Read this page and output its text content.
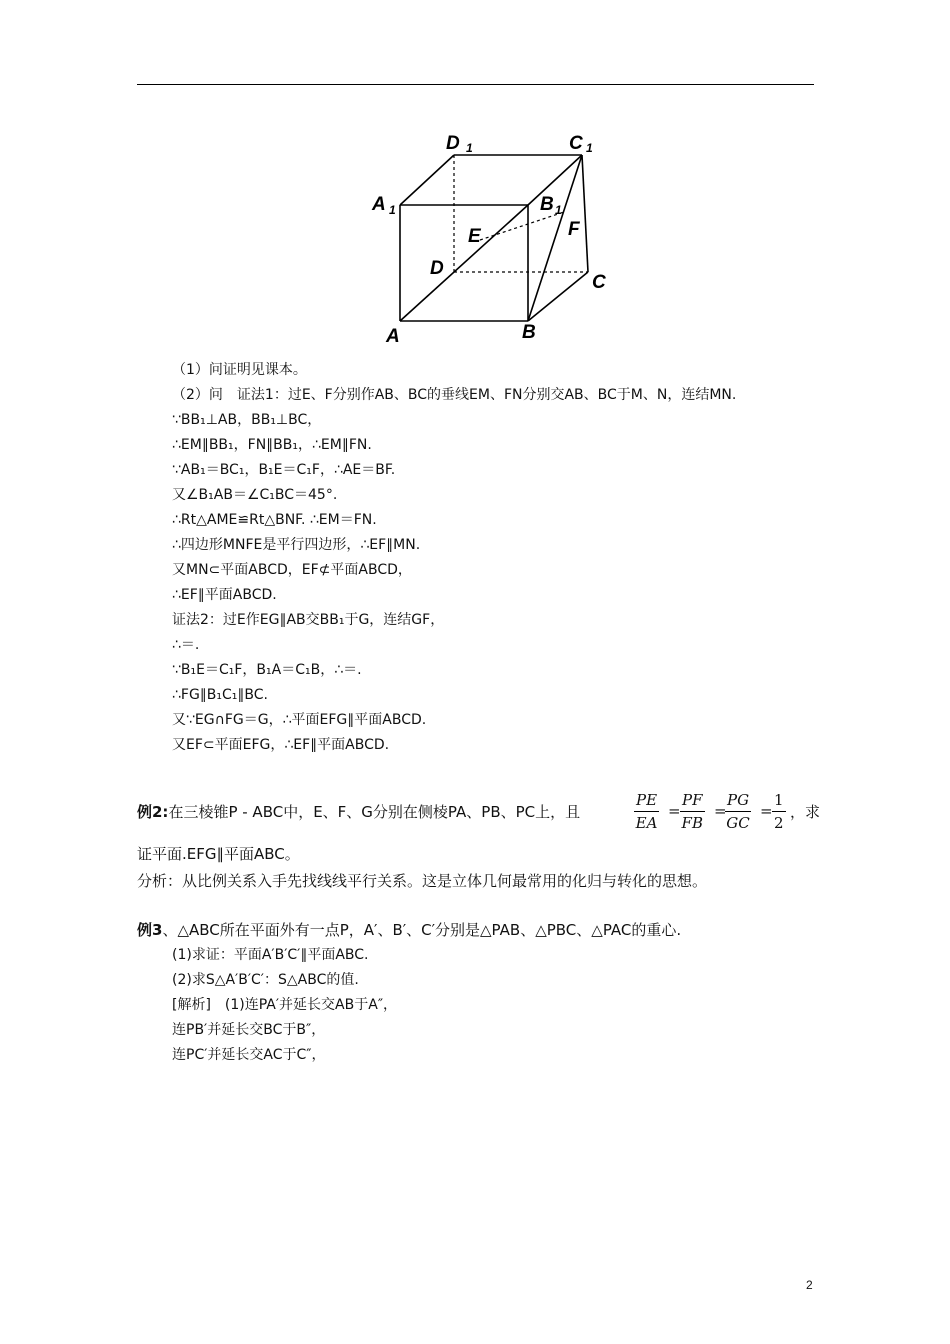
D 1	C 1
A 1	B 1
E	F
D
C
A	B
（1）问证明见课本。
（2）问　证法1：过E、F分别作AB、BC的垂线EM、FN分别交AB、BC于M、N，连结MN.
∵BB₁⊥AB，BB₁⊥BC，
∴EM∥BB₁，FN∥BB₁，∴EM∥FN.
∵AB₁＝BC₁，B₁E＝C₁F，∴AE＝BF.
又∠B₁AB＝∠C₁BC＝45°.
∴Rt△AME≌Rt△BNF. ∴EM＝FN.
∴四边形MNFE是平行四边形，∴EF∥MN.
又MN⊂平面ABCD，EF⊄平面ABCD，
∴EF∥平面ABCD.
证法2：过E作EG∥AB交BB₁于G，连结GF，
∴＝.
∵B₁E＝C₁F，B₁A＝C₁B，∴＝.
∴FG∥B₁C₁∥BC.
又∵EG∩FG＝G，∴平面EFG∥平面ABCD.
又EF⊂平面EFG，∴EF∥平面ABCD.
例2:在三棱锥P - ABC中，E、F、G分别在侧棱PA、PB、PC上，且	$\frac{PE}{EA} = \frac{PF}{FB}$ =
$\frac{PG}{GC} = \frac{1}{2}$ ，求
证平面.EFG∥平面ABC。
分析：从比例关系入手先找线线平行关系。这是立体几何最常用的化归与转化的思想。
例3、△ABC所在平面外有一点P，A′、B′、C′分别是△PAB、△PBC、△PAC的重心.
(1)求证：平面A′B′C′∥平面ABC.
(2)求S△A′B′C′：S△ABC的值.
[解析]　(1)连PA′并延长交AB于A″，
连PB′并延长交BC于B″，
连PC′并延长交AC于C″，
2
